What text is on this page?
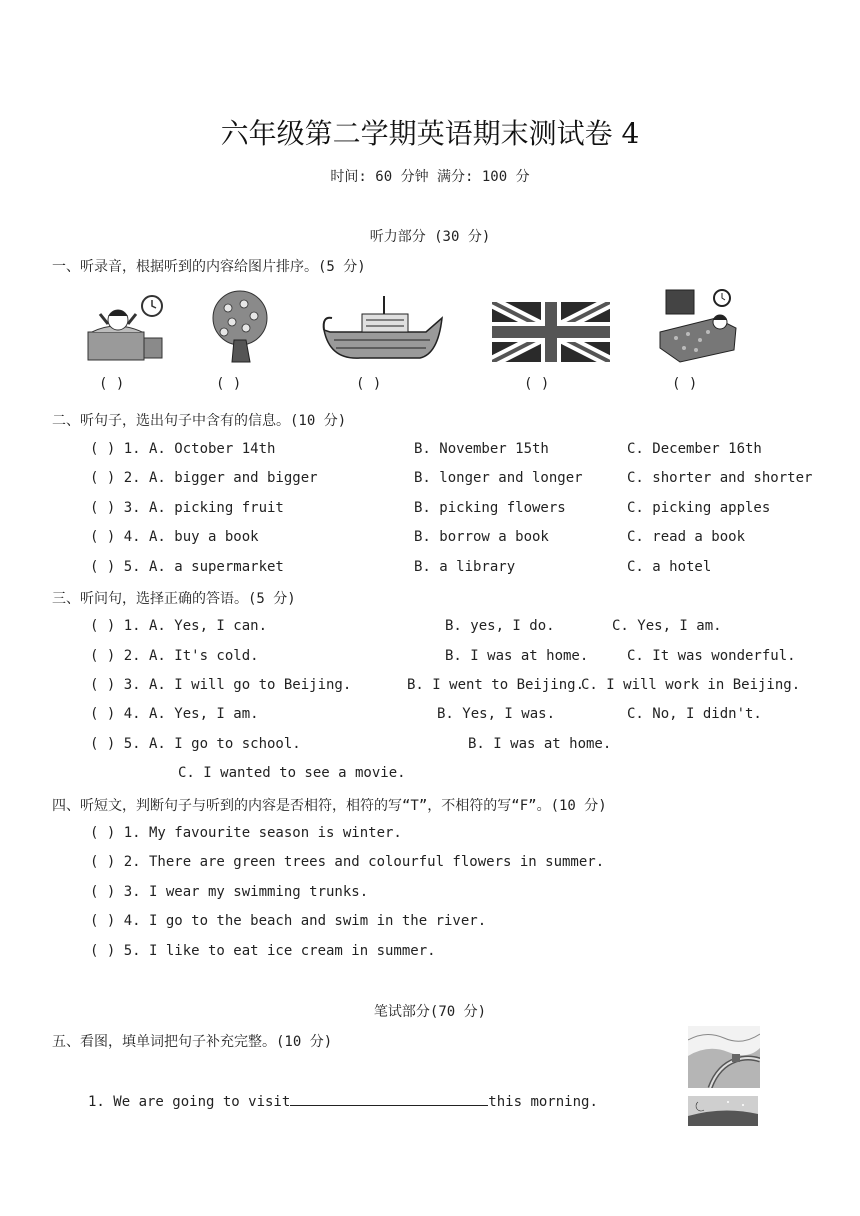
六年级第二学期英语期末测试卷 4
时间: 60 分钟 满分: 100 分
听力部分 (30 分)
一、听录音，根据听到的内容给图片排序。(5 分)
( )	( )	( )	( )	( )
二、听句子，选出句子中含有的信息。(10 分)
( ) 1. A. October 14th	B. November 15th	C. December 16th
( ) 2. A. bigger and bigger	B. longer and longer	C. shorter and shorter
( ) 3. A. picking fruit	B. picking flowers	C. picking apples
( ) 4. A. buy a book	B. borrow a book	C. read a book
( ) 5. A. a supermarket	B. a library	C. a hotel
三、听问句，选择正确的答语。(5 分)
( ) 1. A. Yes, I can.	B. yes, I do.	C. Yes, I am.
( ) 2. A. It's cold.	B. I was at home.	C. It was wonderful.
( ) 3. A. I will go to Beijing.	B. I went to Beijing.
C. I will work in Beijing.
( ) 4. A. Yes, I am.	B. Yes, I was.	C. No, I didn't.
( ) 5. A. I go to school.	B. I was at home.
C. I wanted to see a movie.
四、听短文，判断句子与听到的内容是否相符，相符的写“T”，不相符的写“F”。(10 分)
( ) 1. My favourite season is winter.
( ) 2. There are green trees and colourful flowers in summer.
( ) 3. I wear my swimming trunks.
( ) 4. I go to the beach and swim in the river.
( ) 5. I like to eat ice cream in summer.
笔试部分(70 分)
五、看图，填单词把句子补充完整。(10 分)
1. We are going to visit	this morning.
